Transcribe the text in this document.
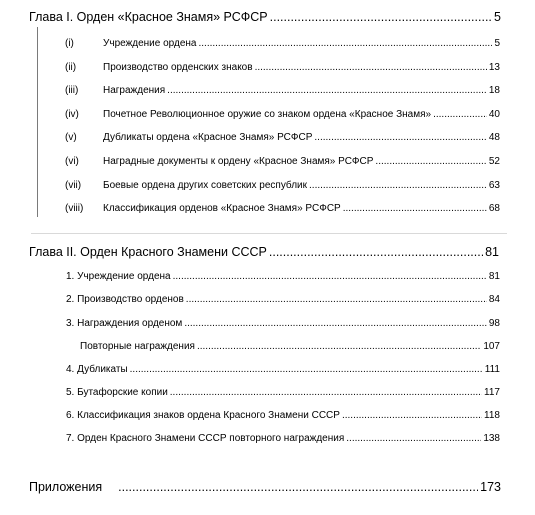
Глава I. Орден «Красное Знамя» РСФСР .....	5
(i)	Учреждение ордена .....	5
(ii)	Производство орденских знаков .....	13
(iii) Награждения .....	18
(iv) Почетное Революционное оружие со знаком ордена «Красное Знамя» .....	40
(v)	Дубликаты ордена «Красное Знамя» РСФСР .....	48
(vi) Наградные документы к ордену «Красное Знамя» РСФСР .....	52
(vii) Боевые ордена других советских республик .....	63
(viii) Классификация орденов «Красное Знамя» РСФСР .....	68
Глава II. Орден Красного Знамени СССР .....	81
1. Учреждение ордена .....	81
2. Производство орденов .....	84
3. Награждения орденом .....	98
Повторные награждения .....	107
4. Дубликаты .....	111
5. Бутафорские копии .....	117
6. Классификация знаков ордена Красного Знамени СССР .....	118
7. Орден Красного Знамени СССР повторного награждения .....	138
Приложения .....	173
